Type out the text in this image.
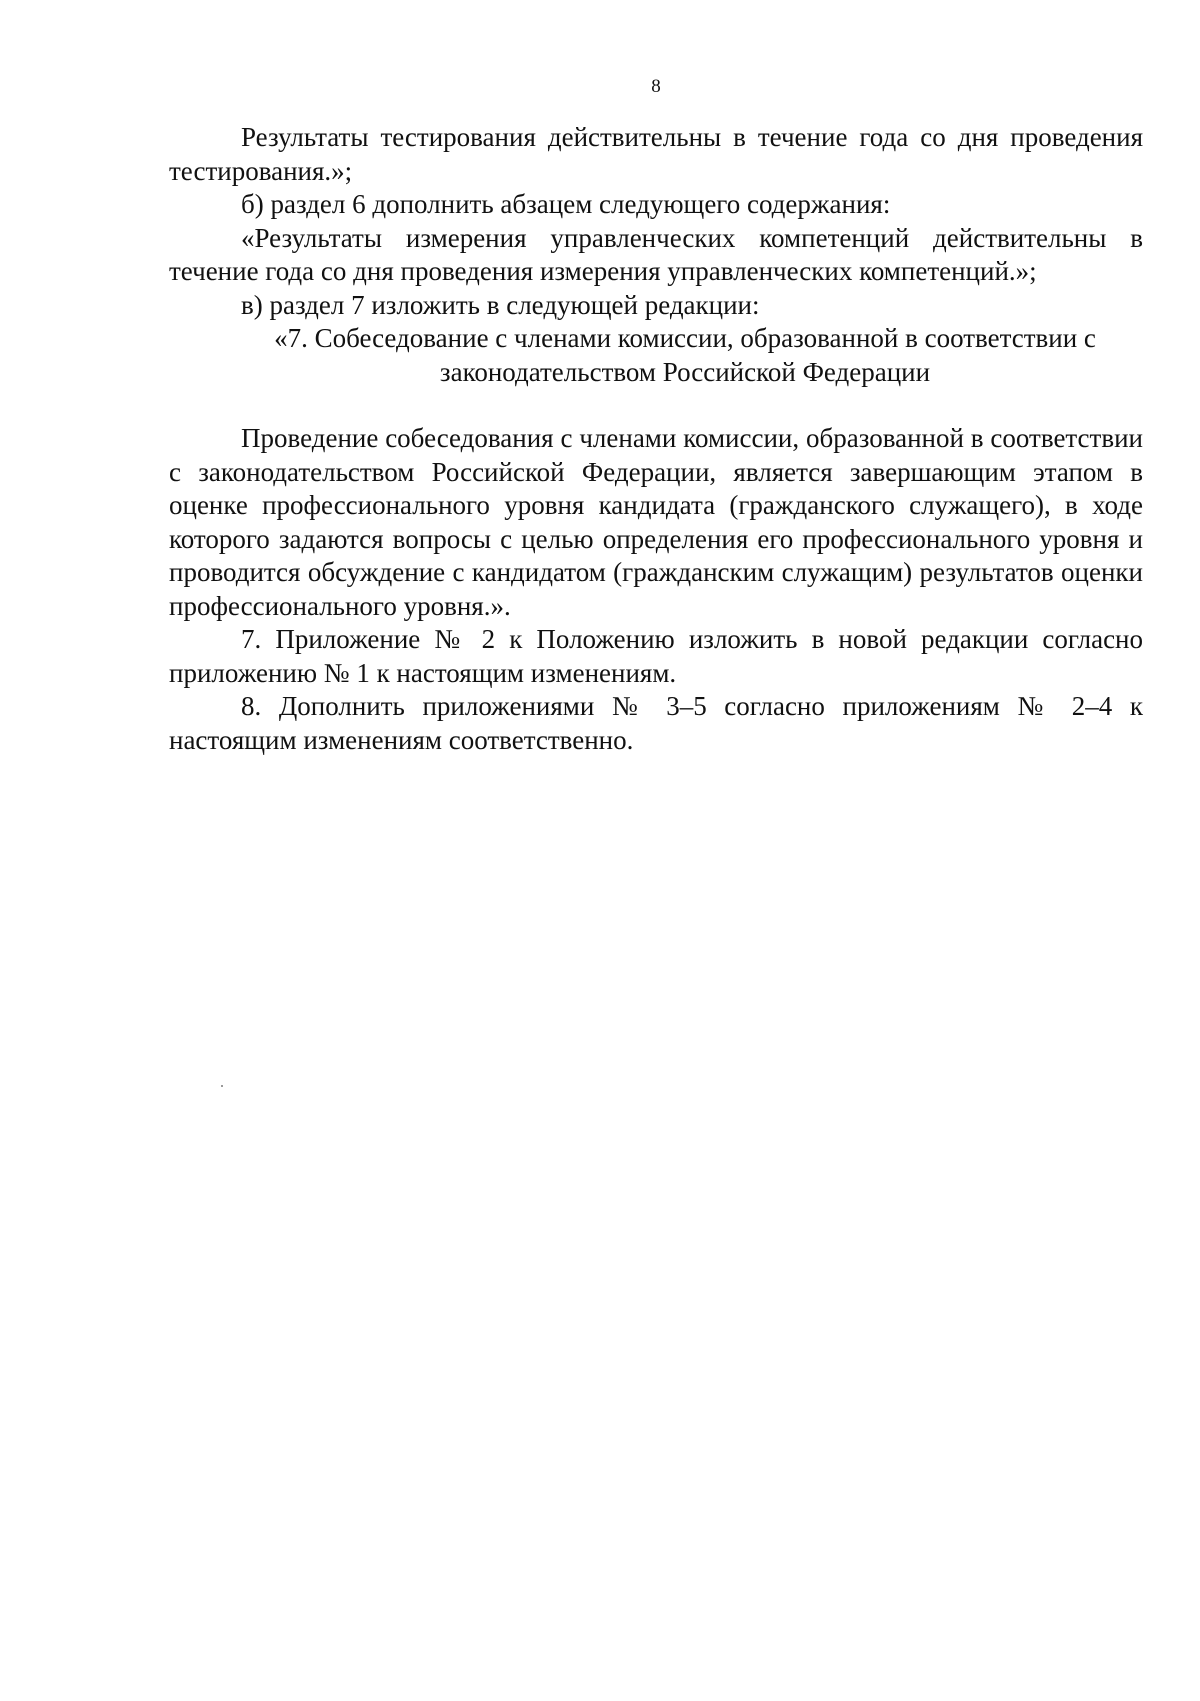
8

Результаты тестирования действительны в течение года со дня проведения тестирования.»;

б) раздел 6 дополнить абзацем следующего содержания:

«Результаты измерения управленческих компетенций действительны в течение года со дня проведения измерения управленческих компетенций.»;

в) раздел 7 изложить в следующей редакции:

«7. Собеседование с членами комиссии, образованной в соответствии с
законодательством Российской Федерации

Проведение собеседования с членами комиссии, образованной в соответствии с законодательством Российской Федерации, является завершающим этапом в оценке профессионального уровня кандидата (гражданского служащего), в ходе которого задаются вопросы с целью определения его профессионального уровня и проводится обсуждение с кандидатом (гражданским служащим) результатов оценки профессионального уровня.».

7. Приложение № 2 к Положению изложить в новой редакции согласно приложению № 1 к настоящим изменениям.

8. Дополнить приложениями № 3–5 согласно приложениям № 2–4 к настоящим изменениям соответственно.
